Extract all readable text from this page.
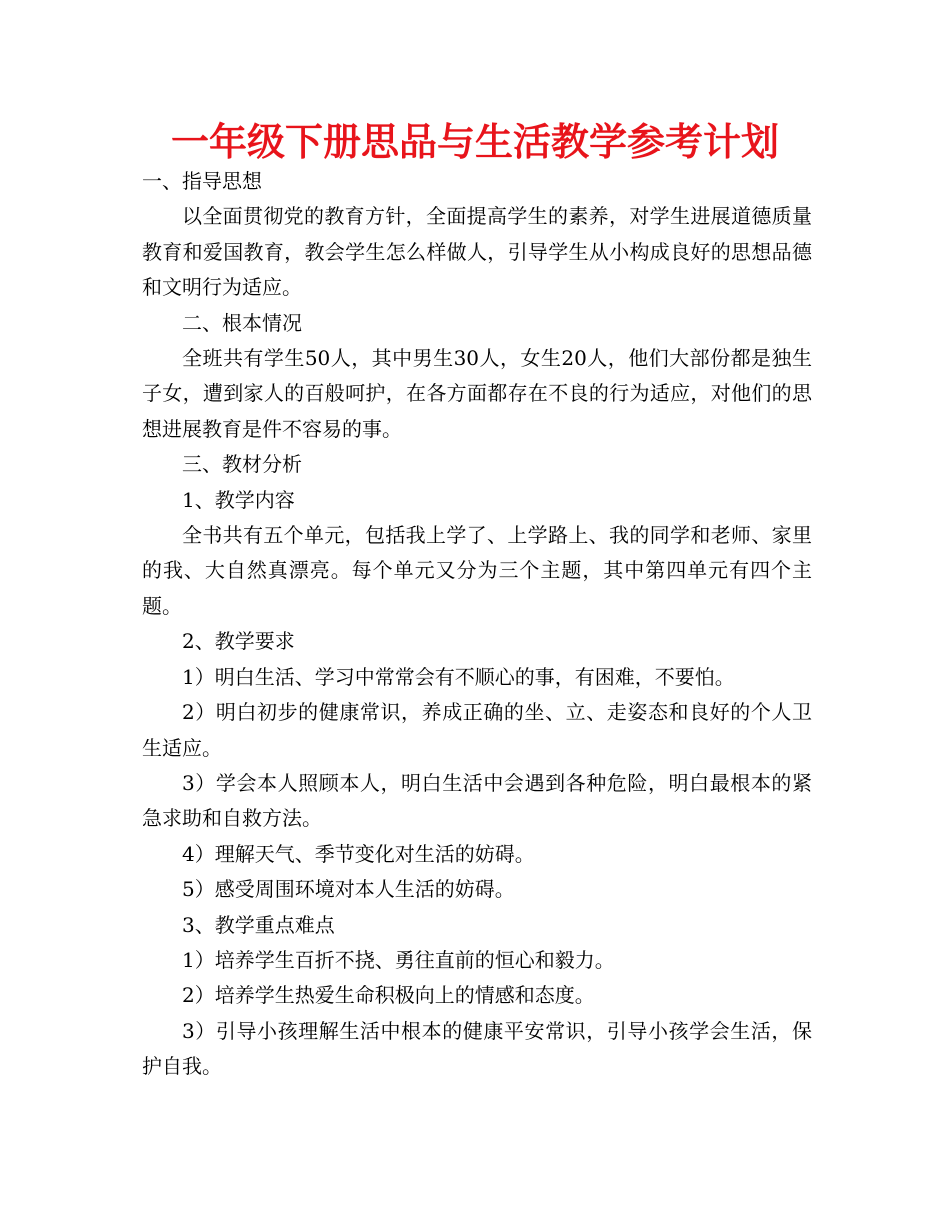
一年级下册思品与生活教学参考计划

一、指导思想

以全面贯彻党的教育方针，全面提高学生的素养，对学生进展道德质量教育和爱国教育，教会学生怎么样做人，引导学生从小构成良好的思想品德和文明行为适应。

二、根本情况

全班共有学生50人，其中男生30人，女生20人，他们大部份都是独生子女，遭到家人的百般呵护，在各方面都存在不良的行为适应，对他们的思想进展教育是件不容易的事。

三、教材分析

1、教学内容

全书共有五个单元，包括我上学了、上学路上、我的同学和老师、家里的我、大自然真漂亮。每个单元又分为三个主题，其中第四单元有四个主题。

2、教学要求

1）明白生活、学习中常常会有不顺心的事，有困难，不要怕。

2）明白初步的健康常识，养成正确的坐、立、走姿态和良好的个人卫生适应。

3）学会本人照顾本人，明白生活中会遇到各种危险，明白最根本的紧急求助和自救方法。

4）理解天气、季节变化对生活的妨碍。

5）感受周围环境对本人生活的妨碍。

3、教学重点难点

1）培养学生百折不挠、勇往直前的恒心和毅力。

2）培养学生热爱生命积极向上的情感和态度。

3）引导小孩理解生活中根本的健康平安常识，引导小孩学会生活，保护自我。
